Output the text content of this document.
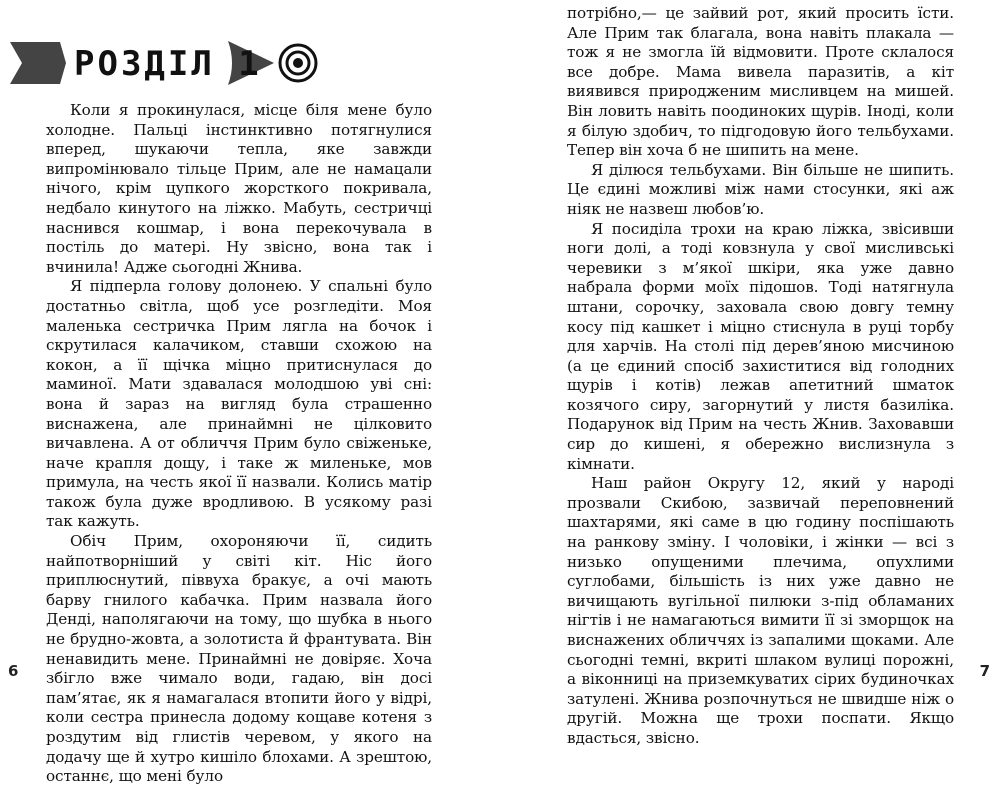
РОЗДІЛ 1

Коли я прокинулася, місце біля мене було холодне. Пальці інстинктивно потягнулися вперед, шукаючи тепла, яке завжди випромінювало тільце Прим, але не намацали нічого, крім цупкого жорсткого покривала, недбало кинутого на ліжко. Мабуть, сестричці наснився кошмар, і вона перекочувала в постіль до матері. Ну звісно, вона так і вчинила! Адже сьогодні Жнива.

Я підперла голову долонею. У спальні було достатньо світла, щоб усе розгледіти. Моя маленька сестричка Прим лягла на бочок і скрутилася калачиком, ставши схожою на кокон, а її щічка міцно притиснулася до маминої. Мати здавалася молодшою уві сні: вона й зараз на вигляд була страшенно виснажена, але принаймні не цілковито вичавлена. А от обличчя Прим було свіженьке, наче крапля дощу, і таке ж миленьке, мов примула, на честь якої її назвали. Колись матір також була дуже вродливою. В усякому разі так кажуть.

Обіч Прим, охороняючи її, сидить найпотворніший у світі кіт. Ніс його приплюснутий, піввуха бракує, а очі мають барву гнилого кабачка. Прим назвала його Денді, наполягаючи на тому, що шубка в нього не брудно-жовта, а золотиста й франтувата. Він ненавидить мене. Принаймні не довіряє. Хоча збігло вже чимало води, гадаю, він досі пам’ятає, як я намагалася втопити його у відрі, коли сестра принесла додому кощаве котеня з роздутим від глистів черевом, у якого на додачу ще й хутро кишіло блохами. А зрештою, останнє, що мені було

6

потрібно,— це зайвий рот, який просить їсти. Але Прим так благала, вона навіть плакала — тож я не змогла їй відмовити. Проте склалося все добре. Мама вивела паразитів, а кіт виявився природженим мисливцем на мишей. Він ловить навіть поодиноких щурів. Іноді, коли я білую здобич, то підгодовую його тельбухами. Тепер він хоча б не шипить на мене.

Я ділюся тельбухами. Він більше не шипить. Це єдині можливі між нами стосунки, які аж ніяк не назвеш любов’ю.

Я посиділа трохи на краю ліжка, звісивши ноги долі, а тоді ковзнула у свої мисливські черевики з м’якої шкіри, яка уже давно набрала форми моїх підошов. Тоді натягнула штани, сорочку, заховала свою довгу темну косу під кашкет і міцно стиснула в руці торбу для харчів. На столі під дерев’яною мисчиною (а це єдиний спосіб захиститися від голодних щурів і котів) лежав апетитний шматок козячого сиру, загорнутий у листя базиліка. Подарунок від Прим на честь Жнив. Заховавши сир до кишені, я обережно вислизнула з кімнати.

Наш район Округу 12, який у народі прозвали Скибою, зазвичай переповнений шахтарями, які саме в цю годину поспішають на ранкову зміну. І чоловіки, і жінки — всі з низько опущеними плечима, опухлими суглобами, більшість із них уже давно не вичищають вугільної пилюки з-під обламаних нігтів і не намагаються вимити її зі зморщок на виснажених обличчях із запалими щоками. Але сьогодні темні, вкриті шлаком вулиці порожні, а віконниці на приземкуватих сірих будиночках затулені. Жнива розпочнуться не швидше ніж о другій. Можна ще трохи поспати. Якщо вдасться, звісно.

7
